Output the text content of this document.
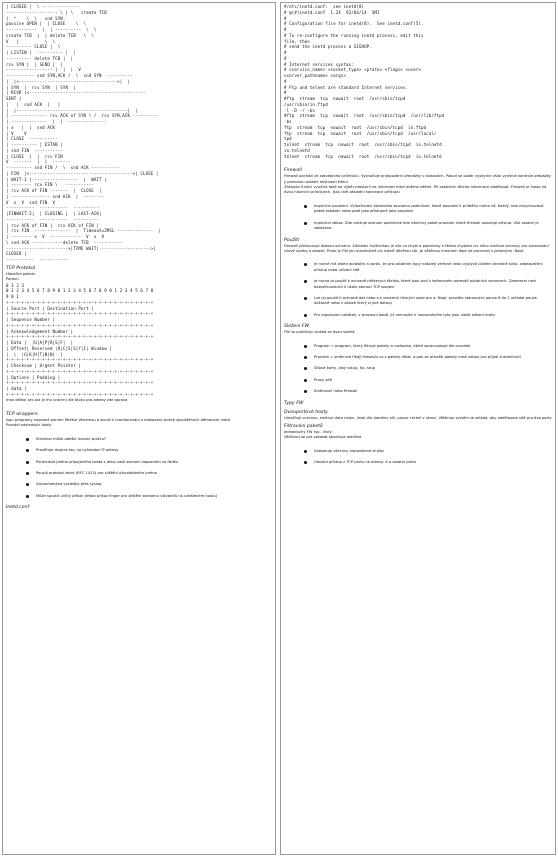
| CLOSED |  \ ---------------
-------------------- \ | \   create TCB
|  ^    \  \   snd SYN
passive OPEN |  | CLOSE    \  \
------------  |  | ----------  \  \
create TCB  |  | delete TCB   \  \
V   |          \  \
---------- CLOSE |  \
| LISTEN |  ---------- |  |
---------- delete TCB |  |
rcv SYN |  | SEND |  |
------------------ |  |  |  V
----------- snd SYN,ACK /  \  snd SYN  ----------
|  |<-------------------------------------->|  |
| SYN  |  rcv SYN  | SYN  |
| RCVD |<---------------------------------------------
SENT |
|   |  snd ACK  |   |
|  |-------------------------------------------|  |
| -------------- rcv ACK of SYN \ /  rcv SYN,ACK ----------
| --------------  |  |  ---------------
| x   |  |  snd ACK
| V    V
| CLOSE  -----------
| ---------- | ESTAB |
| snd FIN  -----------
| CLOSE  |  |  rcv FIN
V  -------  |  |  -------
---------- snd FIN /  \  snd ACK -----------
| FIN  |<---------------------------------------->| CLOSE |
| WAIT-1 |------------------  |  WAIT |
| -------- rcv FIN \   -----------
| rcv ACK of FIN -------  |  CLOSE  |
| --------------- snd ACK  |  --------
V  x  V  snd FIN  V
-----------  -----------  ----------
|FINWAIT-2|  | CLOSING |  | LAST-ACK|
-----------  -----------  ----------
| rcv ACK of FIN |  rcv ACK of FIN |
| rcv FIN  --------------  |  Timeout=2MSL --------------  |
| -------- x  V  ------------  V  x  V
\ snd ACK ------------delete TCB  -----------
------------------------>|TIME WAIT|-------------------->|
CLOSED |
-----------  -----------
TCP Protokol
Hlavička paketu
Porovn.
0 1 2 3
0 1 2 3 4 5 6 7 8 9 0 1 2 3 4 5 6 7 8 9 0 1 2 3 4 5 6 7 8
9 0 1
+-+-+-+-+-+-+-+-+-+-+-+-+-+-+-+-+-+-+-+-+-+-+-+-+-+-+-+-+
| Source Port | Destination Port |
+-+-+-+-+-+-+-+-+-+-+-+-+-+-+-+-+-+-+-+-+-+-+-+-+-+-+-+-+
| Sequence Number |
+-+-+-+-+-+-+-+-+-+-+-+-+-+-+-+-+-+-+-+-+-+-+-+-+-+-+-+-+
| Acknowledgement Number |
+-+-+-+-+-+-+-+-+-+-+-+-+-+-+-+-+-+-+-+-+-+-+-+-+-+-+-+-+
| Data |  |U|A|P|R|S|F|  |
| Offset| Reserved |R|C|S|S|Y|I| Window |
|  |  |G|K|H|T|N|N|  |
+-+-+-+-+-+-+-+-+-+-+-+-+-+-+-+-+-+-+-+-+-+-+-+-+-+-+-+-+
| Checksum | Urgent Pointer |
+-+-+-+-+-+-+-+-+-+-+-+-+-+-+-+-+-+-+-+-+-+-+-+-+-+-+-+-+
| Options | Padding |
+-+-+-+-+-+-+-+-+-+-+-+-+-+-+-+-+-+-+-+-+-+-+-+-+-+-+-+-+
| data |
+-+-+-+-+-+-+-+-+-+-+-+-+-+-+-+-+-+-+-+-+-+-+-+-+-+-+-+-+
max délka/ pro ost je mu vrácen/ dle bloku pro adresy zde oprava
TCP wrappers
Jsou programy napsané panem Wietse Venemou a slouží k monitorování a blokování služeb spouštěných démonem Inetd
Provádí následující úkoly
Klientovi může odešle úvodní zprávu?
Prověřuje dvojice tzv. na výhledání IP adresy
Porovnává jméno připojeného hosta s jeho/ zaslí seznam zapsaném ve řádku
Pouzijí protokol ident (RFC 1413) pro zjištění uživatelského jména
Zaznamenává výsledky přes syslog
Může spustit určitý příkaz (třeba příkaz finger pro zjištění seznamu uživatelů na vzdáleném hostu)
Inetd.conf
#/etc/inetd.conf:  see inetd(8)
# @(#)inetd.conf  1.24  92/04/14  SMI
#
# Configuration file for inetd(8).  See inetd.conf(5).
#
# To re-configure the running inetd process, edit this
file, then
# send the inetd process a SIGHUP.
#
#
# Internet services syntax:
# <service_name> <socket_type> <proto> <flags> <user>
<server_pathname> <args>
#
# Ftp and telnet are standard Internet services.
#
#ftp  stream  tcp  nowait  root  /usr/sbin/tcpd
/usr/sbin/in.ftpd
-l -D -r -bs
#ftp  stream  tcp  nowait  root  /usr/sbin/tcpd  /usr/lib/ftpd
-bs
ftp  stream  tcp  nowait  root  /usr/sbin/tcpd  in.ftpd
ftp  stream  tcp  nowait  root  /usr/sbin/tcpd  /usr/local/
tpd
telnet  stream  tcp  nowait  root  /usr/sbin/tcpd  in.telnetd
in.telnetd
telnet  stream  tcp  nowait  root  /usr/sbin/tcpd  in.telnetd
Firewall
Firewall pochází ze stavebního průmyslu. Vyznačuje protipožární přepážky v budovách. Pokud se požár vyskytne však vynikne kontrole přepážky ji pomohou ostatní místnosti šíření
Základní funkcí využívá také na výběr prostorů na informaci mezi dvěma sítěmi. Při ostatních těchto informace oddělovat. Firewall je často na dvou hlavních principech. Jsou dvě základní koncepce přístupu
Implicitní povolení. Vyloučování taktového seznamu podmínek, které povolení k průběhu mimo síť. Každý, kdo nevychovává paket zakázán nebo platí jako přístupné jako povolení.
Implicitní zákaz. Zde udržuje seznam podmínek kde všechny paket pravidel, které firewall povoluje přístup. Vše ostatní je zakázáno.
Použití
Firewall předsunuje dobrou ochranu. Základní myšlenkou je vše co chybí a podmínky k těmto chybám nic něco vznikne ochrany pro zpracování cílové služby a oblasti. Proto je FW jen maximálně víc méně důvěrou sítí. Je většinou mnohem lépe ve porovnat s jedlovými. Např.
Je nutné mít jeden aplikační a zpráv, že pro ostatním typy nabízejí veřejné nebo vyplývá účelem ohledně toho, zabezpečení přístup nebo užívání sítě
Je nutno to použít k ochraně některých těchto, které jsou buď v kořenovém adresáři ostatních serverech. Zamezení není bezpečnostních k úkolu pomocí TCP spojení
Lze jej použít k ochraně dat nebo a k omezení různých osob pro a. Např. pravidlo stanovující pouze 8 do 1 ukládat pouze dočasně nebo v záloze který si jiné dotazy
Pro regulování začátek, v pracovní době, již nemusíte V neposlušném tyto jsou uložit sdílení místy
Složení FW
FW se prakticky skládá ze dvou složek
Program = program, který filtruje pakety a rozhodne, které zpracovávají dle pravidel
Pravidla = směrnice říkají firewallu co s pakety dělat, a pak se přenáší pakety mezi sebou pro přijetí a odmítnutí
Síťové karty, jaký vstup, tip, stup
Proxy sítě
Směrovač nebo firewall
Typy FW
Dvouportové hosty.
Umožňují ochranu, směrují data nejen, jinak dle domény sítí, pouze chrání v rámci. Většinou systém se skládá, aby oddělovala sítě pro dva porty
Filtrování paketů
Jednoduchý FW typ - čistý
Většinou se pro zakázat obsahuje odmítat
Zablokuje všechny nepovolené služby
Umožní přístup z TCP portu na adresy. A a ostatní portu
